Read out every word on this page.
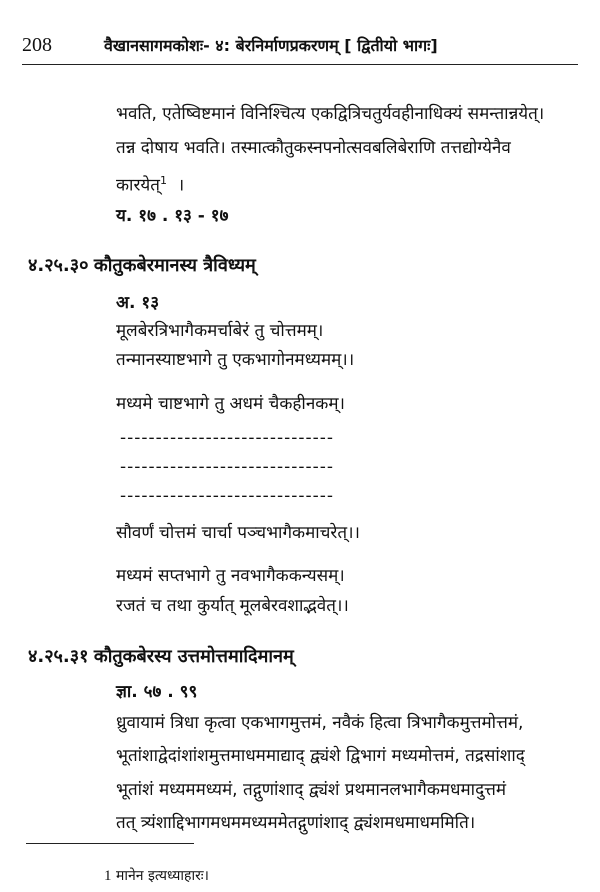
208	वैखानसागमकोशः- ४: बेरनिर्माणप्रकरणम् [ द्वितीयो भागः]
भवति, एतेष्विष्टमानं विनिश्चित्य एकद्वित्रिचतुर्यवहीनाधिक्यं समन्तान्नयेत्।
तन्न दोषाय भवति। तस्मात्कौतुकस्नपनोत्सवबलिबेराणि तत्तद्योग्येनैव
कारयेत्$^1$ ।
य. १७ . १३ - १७
४.२५.३० कौतुकबेरमानस्य त्रैविध्यम्
अ. १३
मूलबेरत्रिभागैकमर्चाबेरं तु चोत्तमम्।
तन्मानस्याष्टभागे तु एकभागोनमध्यमम्।।
मध्यमे चाष्टभागे तु अधमं चैकहीनकम्।
------------------------------
------------------------------
------------------------------
सौवर्णं चोत्तमं चार्चा पञ्चभागैकमाचरेत्।।
मध्यमं सप्तभागे तु नवभागैककन्यसम्।
रजतं च तथा कुर्यात् मूलबेरवशाद्भवेत्।।
४.२५.३१ कौतुकबेरस्य उत्तमोत्तमादिमानम्
ज्ञा. ५७ . ९९
ध्रुवायामं त्रिधा कृत्वा एकभागमुत्तमं, नवैकं हित्वा त्रिभागैकमुत्तमोत्तमं,
भूतांशाद्वेदांशांशमुत्तमाधममाद्याद् द्व्यंशे द्विभागं मध्यमोत्तमं, तद्रसांशाद्
भूतांशं मध्यममध्यमं, तद्गुणांशाद् द्व्यंशं प्रथमानलभागैकमधमादुत्तमं
तत् त्र्यंशाद्दिभागमधममध्यममेतद्गुणांशाद् द्व्यंशमधमाधममिति।
1 मानेन इत्यध्याहारः।
